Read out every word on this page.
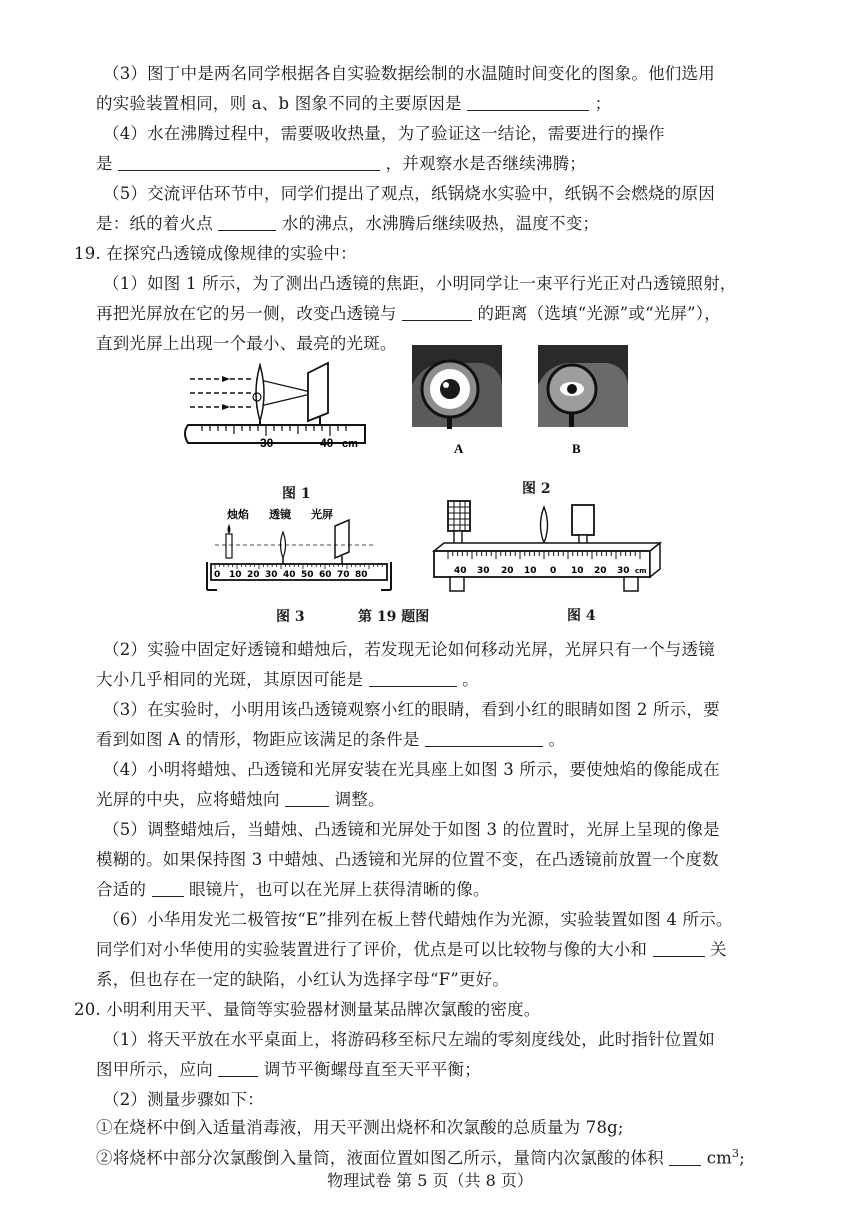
（3）图丁中是两名同学根据各自实验数据绘制的水温随时间变化的图象。他们选用
的实验装置相同，则 a、b 图象不同的主要原因是	；
（4）水在沸腾过程中，需要吸收热量，为了验证这一结论，需要进行的操作
是	，并观察水是否继续沸腾；
（5）交流评估环节中，同学们提出了观点，纸锅烧水实验中，纸锅不会燃烧的原因
是：纸的着火点	水的沸点，水沸腾后继续吸热，温度不变；
19. 在探究凸透镜成像规律的实验中：
（1）如图 1 所示，为了测出凸透镜的焦距，小明同学让一束平行光正对凸透镜照射，
再把光屏放在它的另一侧，改变凸透镜与	的距离（选填“光源”或“光屏”），
直到光屏上出现一个最小、最亮的光斑。
30	40 cm
图 1
A	B
图 2
烛焰 透镜 光屏
0 10 20 30 40 50 60 70 80
图 3	第 19 题图
40 30 20 10 0 10 20 30 cm
图 4
（2）实验中固定好透镜和蜡烛后，若发现无论如何移动光屏，光屏只有一个与透镜
大小几乎相同的光斑，其原因可能是	。
（3）在实验时，小明用该凸透镜观察小红的眼睛，看到小红的眼睛如图 2 所示，要
看到如图 A 的情形，物距应该满足的条件是	。
（4）小明将蜡烛、凸透镜和光屏安装在光具座上如图 3 所示，要使烛焰的像能成在
光屏的中央，应将蜡烛向	调整。
（5）调整蜡烛后，当蜡烛、凸透镜和光屏处于如图 3 的位置时，光屏上呈现的像是
模糊的。如果保持图 3 中蜡烛、凸透镜和光屏的位置不变，在凸透镜前放置一个度数
合适的	眼镜片，也可以在光屏上获得清晰的像。
（6）小华用发光二极管按“E”排列在板上替代蜡烛作为光源，实验装置如图 4 所示。
同学们对小华使用的实验装置进行了评价，优点是可以比较物与像的大小和	关
系，但也存在一定的缺陷，小红认为选择字母“F”更好。
20. 小明利用天平、量筒等实验器材测量某品牌次氯酸的密度。
（1）将天平放在水平桌面上，将游码移至标尺左端的零刻度线处，此时指针位置如
图甲所示，应向	调节平衡螺母直至天平平衡；
（2）测量步骤如下：
①在烧杯中倒入适量消毒液，用天平测出烧杯和次氯酸的总质量为 78g;
物理试卷 第 5 页（共 8 页）
②将烧杯中部分次氯酸倒入量筒，液面位置如图乙所示，量筒内次氯酸的体积	$cm^3$;
